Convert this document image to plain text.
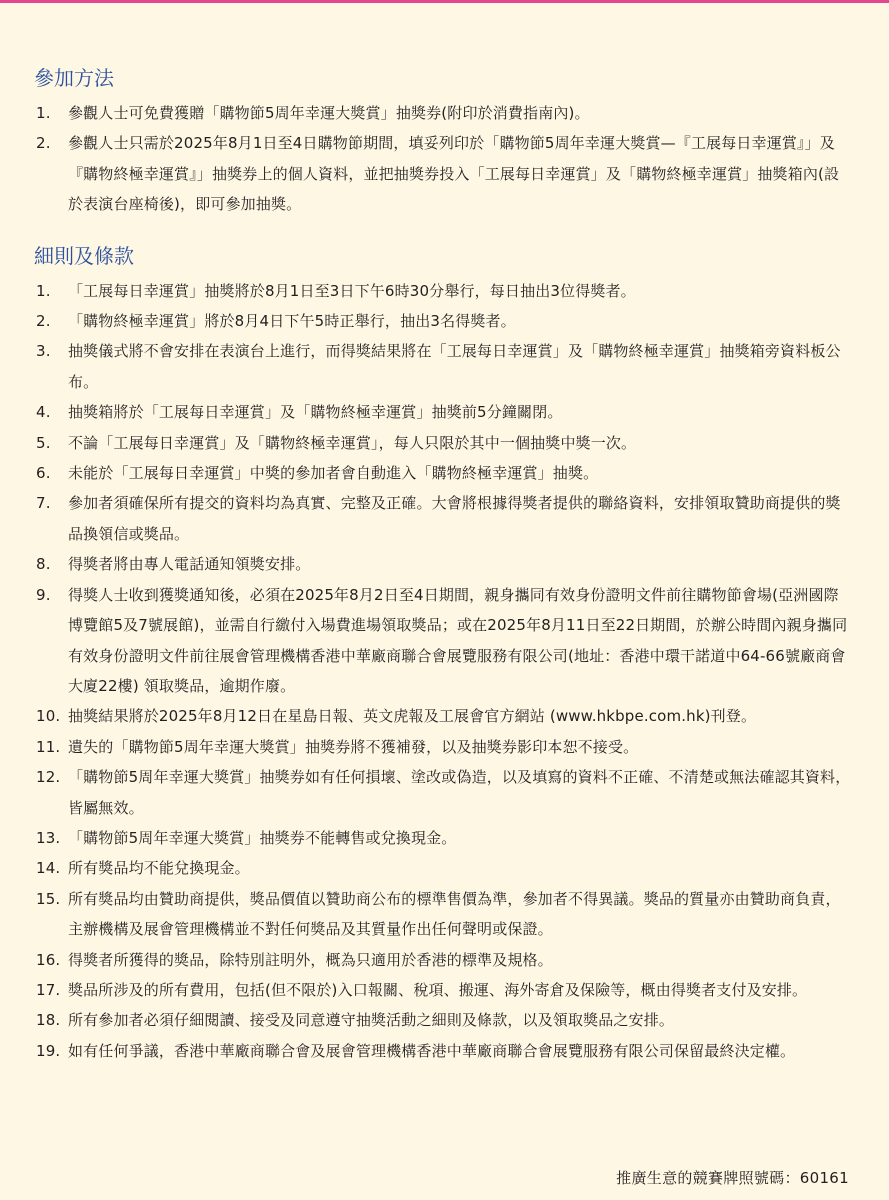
參加方法
1.	參觀人士可免費獲贈「購物節5周年幸運大獎賞」抽獎券(附印於消費指南內)。
2.	參觀人士只需於2025年8月1日至4日購物節期間，填妥列印於「購物節5周年幸運大獎賞—『工展每日幸運賞』」及『購物終極幸運賞』」抽獎券上的個人資料，並把抽獎券投入「工展每日幸運賞」及「購物終極幸運賞」抽獎箱內(設於表演台座椅後)，即可參加抽獎。
細則及條款
1.	「工展每日幸運賞」抽獎將於8月1日至3日下午6時30分舉行，每日抽出3位得獎者。
2.	「購物終極幸運賞」將於8月4日下午5時正舉行，抽出3名得獎者。
3.	抽獎儀式將不會安排在表演台上進行，而得獎結果將在「工展每日幸運賞」及「購物終極幸運賞」抽獎箱旁資料板公布。
4.	抽獎箱將於「工展每日幸運賞」及「購物終極幸運賞」抽獎前5分鐘關閉。
5.	不論「工展每日幸運賞」及「購物終極幸運賞」，每人只限於其中一個抽獎中獎一次。
6.	未能於「工展每日幸運賞」中獎的參加者會自動進入「購物終極幸運賞」抽獎。
7.	參加者須確保所有提交的資料均為真實、完整及正確。大會將根據得獎者提供的聯絡資料，安排領取贊助商提供的獎品換領信或獎品。
8.	得獎者將由專人電話通知領獎安排。
9.	得獎人士收到獲獎通知後，必須在2025年8月2日至4日期間，親身攜同有效身份證明文件前往購物節會場(亞洲國際博覽館5及7號展館)，並需自行繳付入場費進場領取獎品；或在2025年8月11日至22日期間，於辦公時間內親身攜同有效身份證明文件前往展會管理機構香港中華廠商聯合會展覽服務有限公司(地址：香港中環干諾道中64-66號廠商會大廈22樓) 領取獎品，逾期作廢。
10. 抽獎結果將於2025年8月12日在星島日報、英文虎報及工展會官方網站 (www.hkbpe.com.hk)刊登。
11. 遺失的「購物節5周年幸運大獎賞」抽獎券將不獲補發，以及抽獎券影印本恕不接受。
12. 「購物節5周年幸運大獎賞」抽獎券如有任何損壞、塗改或偽造，以及填寫的資料不正確、不清楚或無法確認其資料，皆屬無效。
13. 「購物節5周年幸運大獎賞」抽獎券不能轉售或兌換現金。
14. 所有獎品均不能兌換現金。
15. 所有獎品均由贊助商提供，獎品價值以贊助商公布的標準售價為準，參加者不得異議。獎品的質量亦由贊助商負責，主辦機構及展會管理機構並不對任何獎品及其質量作出任何聲明或保證。
16. 得獎者所獲得的獎品，除特別註明外，概為只適用於香港的標準及規格。
17. 獎品所涉及的所有費用，包括(但不限於)入口報關、稅項、搬運、海外寄倉及保險等，概由得獎者支付及安排。
18. 所有參加者必須仔細閱讀、接受及同意遵守抽獎活動之細則及條款，以及領取獎品之安排。
19. 如有任何爭議，香港中華廠商聯合會及展會管理機構香港中華廠商聯合會展覽服務有限公司保留最終決定權。
推廣生意的競賽牌照號碼：60161
